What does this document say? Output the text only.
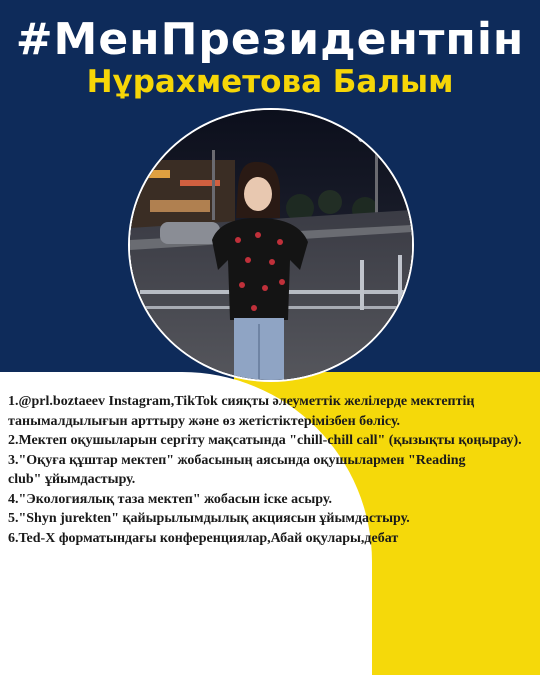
#МенПрезидентпін
Нұрахметова Балым

1.@prl.boztaeev Instagram,TikTok сияқты әлеуметтік желілерде мектептің танымалдылығын арттыру және өз жетістіктерімізбен бөлісу.

2.Мектеп оқушыларын сергіту мақсатында "chill-chill call" (қызықты қоңырау).

3."Оқуға құштар мектеп" жобасының аясында оқушылармен "Reading

club" ұйымдастыру.

4."Экологиялық таза мектеп" жобасын іске асыру.

5."Shyn jurekten" қайырылымдылық акциясын ұйымдастыру.

6.Ted-X форматындағы конференциялар,Абай оқулары,дебат
